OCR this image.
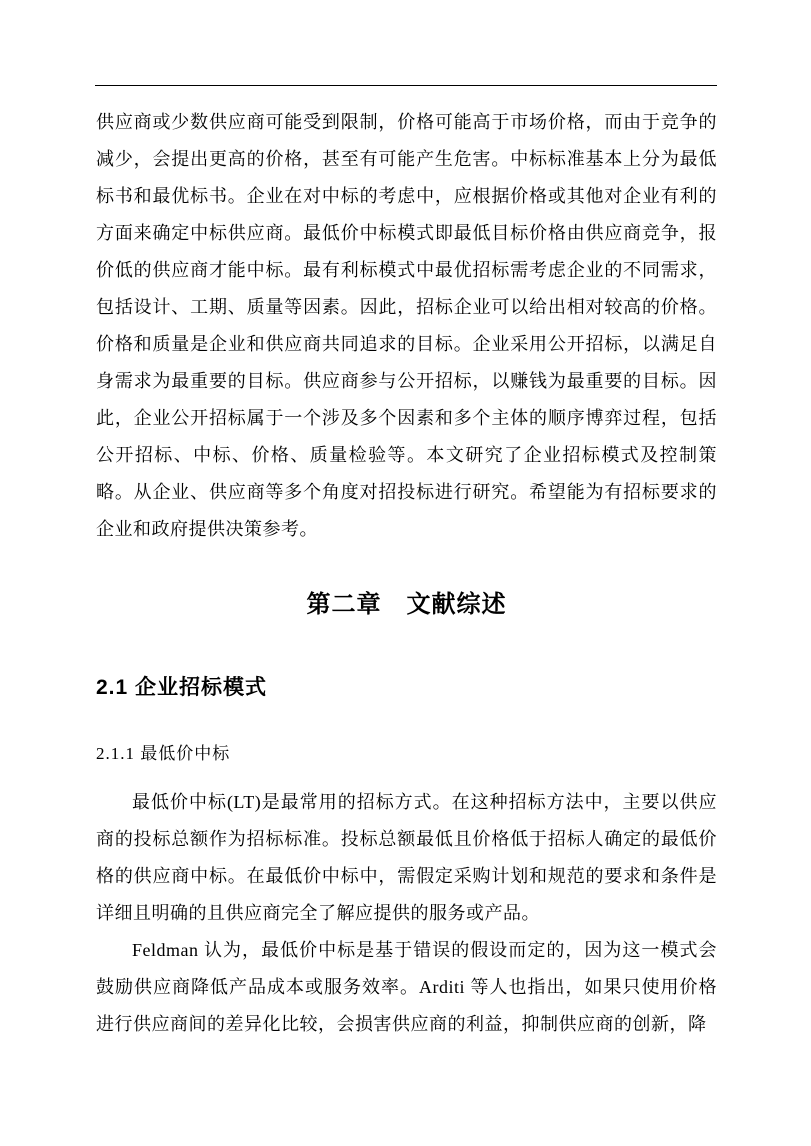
供应商或少数供应商可能受到限制，价格可能高于市场价格，而由于竞争的减少，会提出更高的价格，甚至有可能产生危害。中标标准基本上分为最低标书和最优标书。企业在对中标的考虑中，应根据价格或其他对企业有利的方面来确定中标供应商。最低价中标模式即最低目标价格由供应商竞争，报价低的供应商才能中标。最有利标模式中最优招标需考虑企业的不同需求，包括设计、工期、质量等因素。因此，招标企业可以给出相对较高的价格。价格和质量是企业和供应商共同追求的目标。企业采用公开招标，以满足自身需求为最重要的目标。供应商参与公开招标，以赚钱为最重要的目标。因此，企业公开招标属于一个涉及多个因素和多个主体的顺序博弈过程，包括公开招标、中标、价格、质量检验等。本文研究了企业招标模式及控制策略。从企业、供应商等多个角度对招投标进行研究。希望能为有招标要求的企业和政府提供决策参考。
第二章　文献综述
2.1 企业招标模式
2.1.1 最低价中标

最低价中标(LT)是最常用的招标方式。在这种招标方法中，主要以供应商的投标总额作为招标标准。投标总额最低且价格低于招标人确定的最低价格的供应商中标。在最低价中标中，需假定采购计划和规范的要求和条件是详细且明确的且供应商完全了解应提供的服务或产品。

Feldman 认为，最低价中标是基于错误的假设而定的，因为这一模式会鼓励供应商降低产品成本或服务效率。Arditi 等人也指出，如果只使用价格进行供应商间的差异化比较，会损害供应商的利益，抑制供应商的创新，降
